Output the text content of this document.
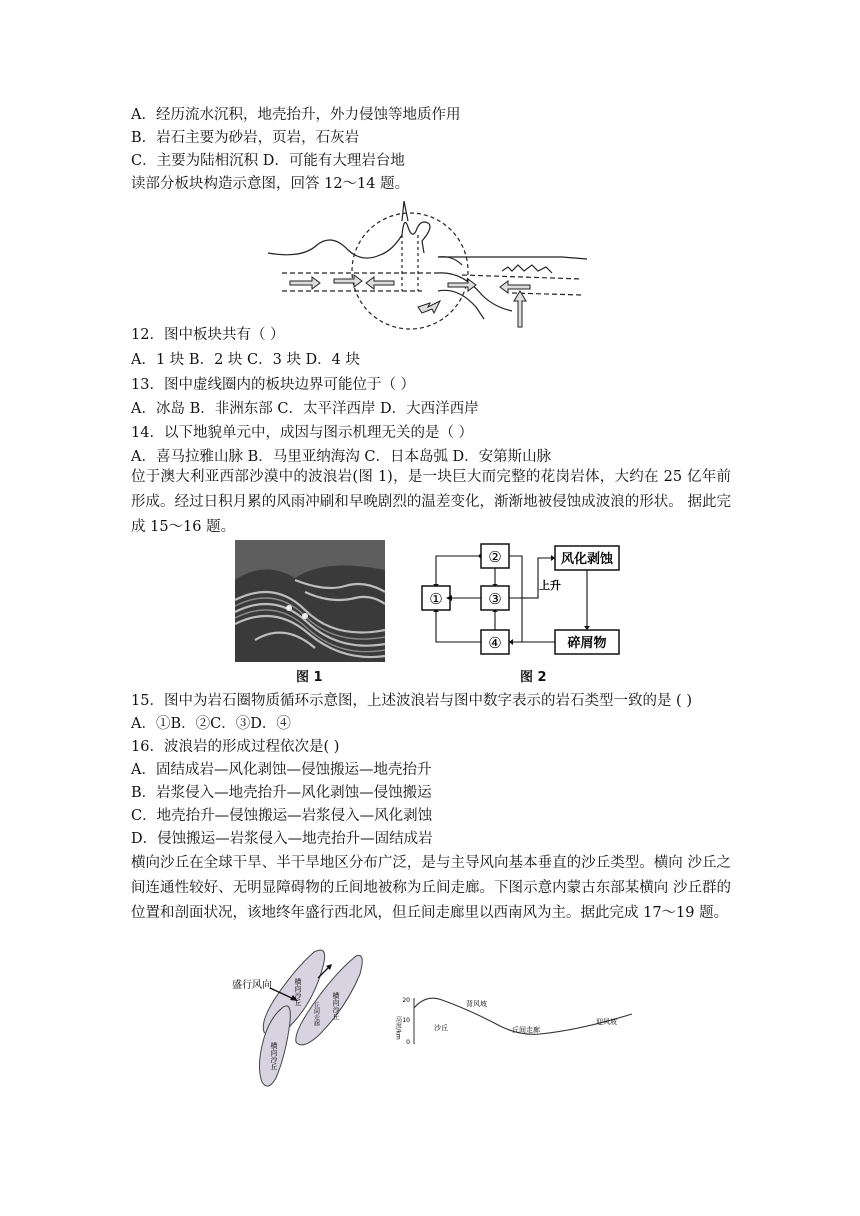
A．经历流水沉积，地壳抬升，外力侵蚀等地质作用
B．岩石主要为砂岩，页岩，石灰岩
C．主要为陆相沉积 D．可能有大理岩台地
读部分板块构造示意图，回答 12～14 题。
12．图中板块共有（ ）
A．1 块 B．2 块 C．3 块 D．4 块
13．图中虚线圈内的板块边界可能位于（ ）
A．冰岛 B．非洲东部 C．太平洋西岸 D．大西洋西岸
14．以下地貌单元中，成因与图示机理无关的是（ ）
A．喜马拉雅山脉 B．马里亚纳海沟 C．日本岛弧 D．安第斯山脉
位于澳大利亚西部沙漠中的波浪岩(图 1)，是一块巨大而完整的花岗岩体，大约在 25 亿年前形成。经过日积月累的风雨冲刷和早晚剧烈的温差变化，渐渐地被侵蚀成波浪的形状。 据此完成 15～16 题。
图 1
②
①	③
④
风化剥蚀
碎屑物
上升
图 2
15．图中为岩石圈物质循环示意图，上述波浪岩与图中数字表示的岩石类型一致的是 ( )
A．①B．②C．③D．④
16．波浪岩的形成过程依次是( )
A．固结成岩—风化剥蚀—侵蚀搬运—地壳抬升
B．岩浆侵入—地壳抬升—风化剥蚀—侵蚀搬运
C．地壳抬升—侵蚀搬运—岩浆侵入—风化剥蚀
D．侵蚀搬运—岩浆侵入—地壳抬升—固结成岩
横向沙丘在全球干旱、半干旱地区分布广泛，是与主导风向基本垂直的沙丘类型。横向 沙丘之间连通性较好、无明显障碍物的丘间地被称为丘间走廊。下图示意内蒙古东部某横向 沙丘群的位置和剖面状况，该地终年盛行西北风，但丘间走廊里以西南风为主。据此完成 17～19 题。
盛行风向	横向沙丘	横向沙丘
横向沙丘
丘间走廊
20
10
0
高度/km	沙丘
背风坡
丘间走廊
迎风坡
